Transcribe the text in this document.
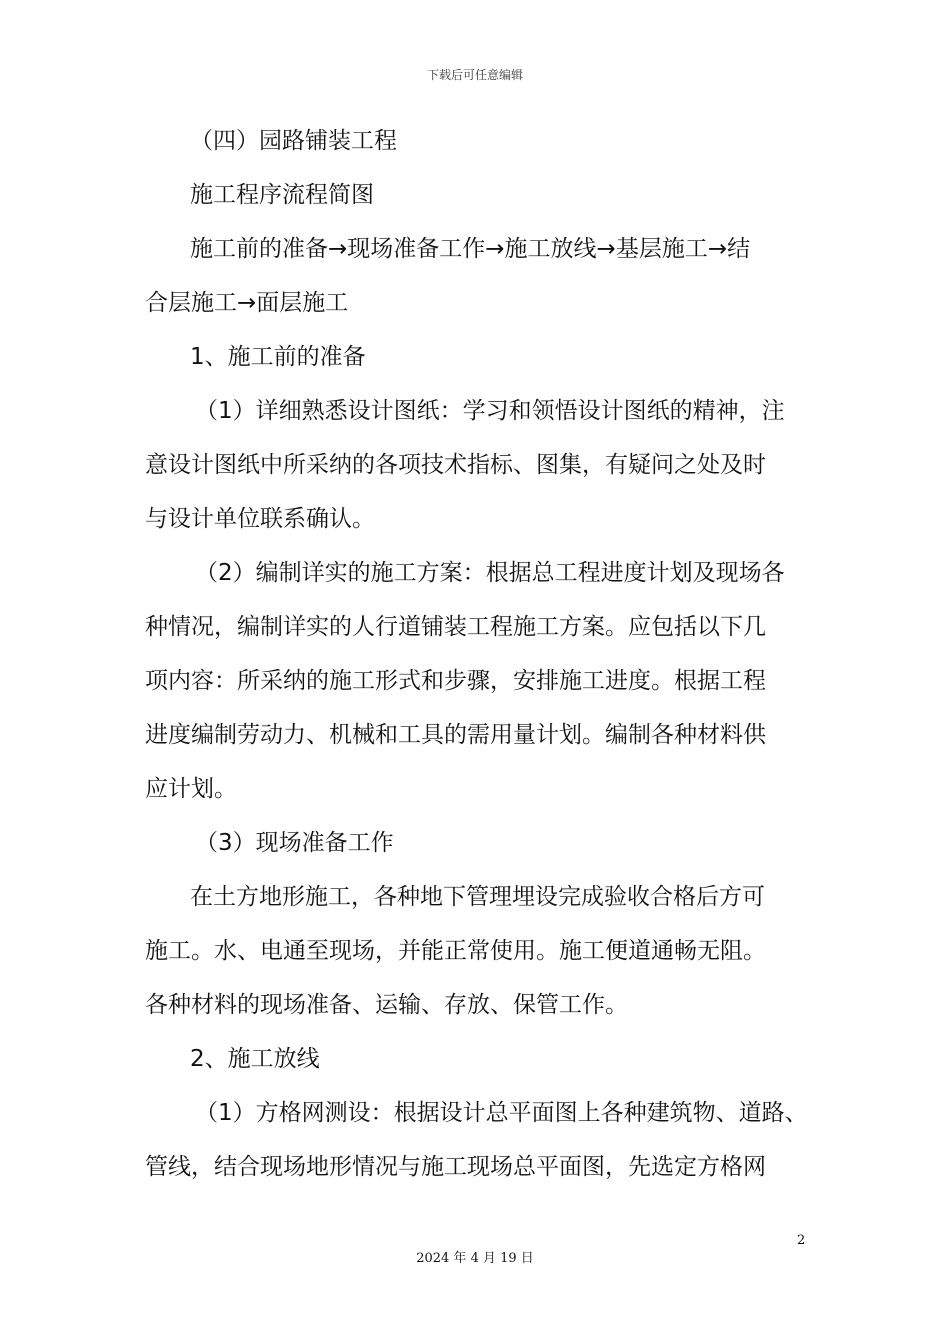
下载后可任意编辑
（四）园路铺装工程
施工程序流程简图
施工前的准备→现场准备工作→施工放线→基层施工→结
合层施工→面层施工
1、施工前的准备
（1）详细熟悉设计图纸：学习和领悟设计图纸的精神，注
意设计图纸中所采纳的各项技术指标、图集，有疑问之处及时
与设计单位联系确认。
（2）编制详实的施工方案：根据总工程进度计划及现场各
种情况，编制详实的人行道铺装工程施工方案。应包括以下几
项内容：所采纳的施工形式和步骤，安排施工进度。根据工程
进度编制劳动力、机械和工具的需用量计划。编制各种材料供
应计划。
（3）现场准备工作
在土方地形施工，各种地下管理埋设完成验收合格后方可
施工。水、电通至现场，并能正常使用。施工便道通畅无阻。
各种材料的现场准备、运输、存放、保管工作。
2、施工放线
（1）方格网测设：根据设计总平面图上各种建筑物、道路、
管线，结合现场地形情况与施工现场总平面图，先选定方格网
2
2024 年 4 月 19 日
